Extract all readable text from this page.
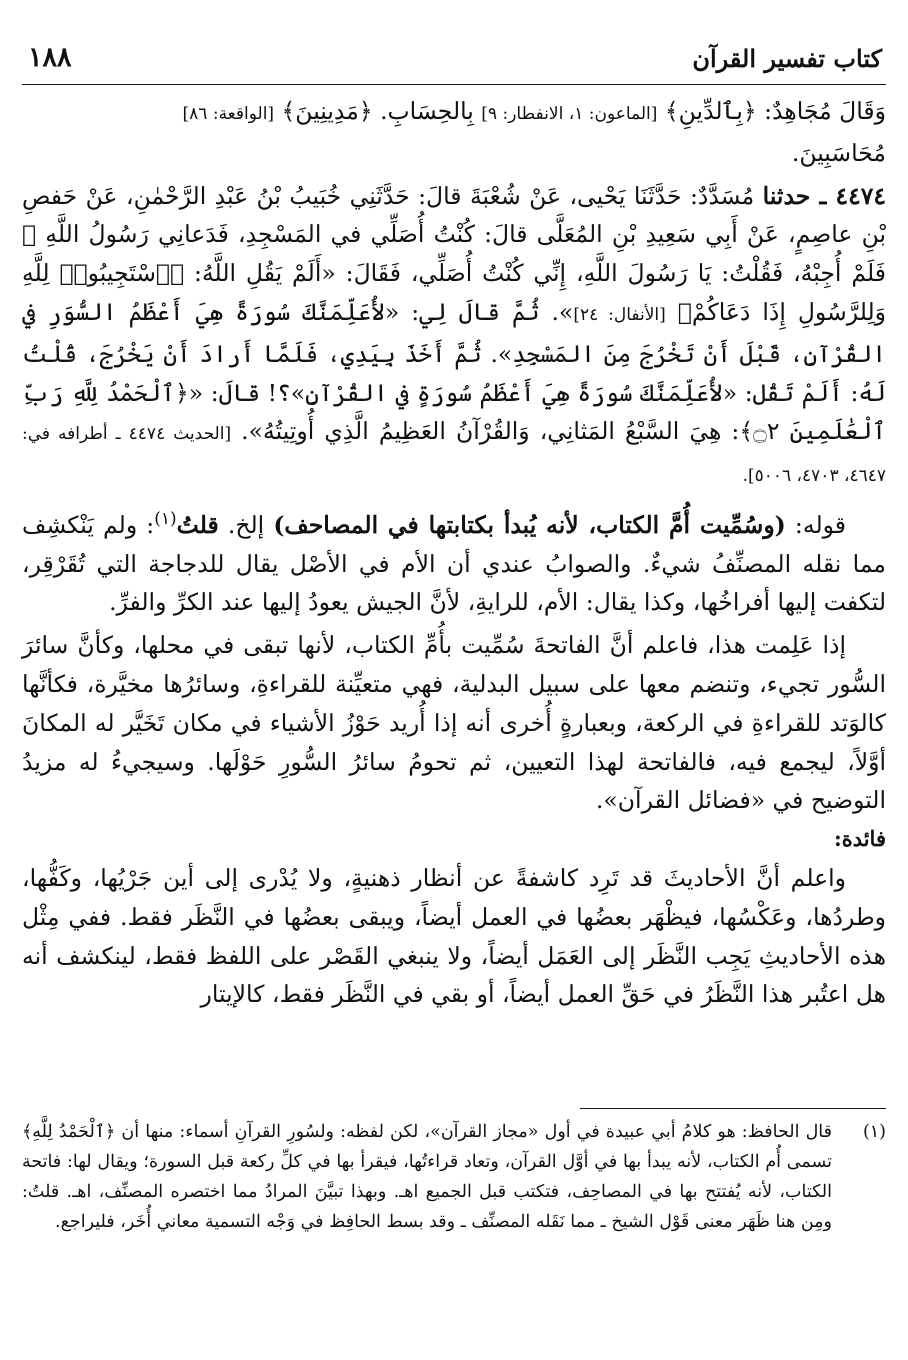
كتاب تفسير القرآن
١٨٨

وَقَالَ مُجَاهِدٌ: ﴿بِٱلدِّينِ﴾ [الماعون: ١، الانفطار: ٩] بِالحِسَابِ. ﴿مَدِينِينَ﴾ [الواقعة: ٨٦]
مُحَاسَبِينَ.

٤٤٧٤ ـ حدثنا مُسَدَّدٌ: حَدَّثَنَا يَحْيى، عَنْ شُعْبَةَ قالَ: حَدَّثَنِي خُبَيبُ بْنُ عَبْدِ الرَّحْمٰنِ، عَنْ حَفصِ بْنِ عاصِمٍ، عَنْ أَبِي سَعِيدِ بْنِ المُعَلَّى قالَ: كُنْتُ أُصَلِّي في المَسْجِدِ، فَدَعانِي رَسُولُ اللَّهِ ﷺ فَلَمْ أُجِبْهُ، فَقُلْتُ: يَا رَسُولَ اللَّهِ، إِنِّي كُنْتُ أُصَلِّي، فَقَالَ: «أَلَمْ يَقُلِ اللَّهُ: ﴿ٱسْتَجِيبُوا۟ لِلَّهِ وَلِلرَّسُولِ إِذَا دَعَاكُمْ﴾ [الأنفال: ٢٤]». ثُمَّ قالَ لِي: «لأُعَلِّمَنَّكَ سُورَةً هِيَ أَعْظَمُ السُّوَرِ في القُرْآنِ، قَبْلَ أَنْ تَخْرُجَ مِنَ المَسْجِدِ». ثُمَّ أَخَذَ بِيَدِي، فَلَمَّا أَرادَ أَنْ يَخْرُجَ، قُلْتُ لَهُ: أَلَمْ تَقُل: «لأُعَلِّمَنَّكَ سُورَةً هِيَ أَعْظَمُ سُورَةٍ في القُرْآنِ»؟! قالَ: «﴿ٱلْحَمْدُ لِلَّهِ رَبِّ ٱلْعَٰلَمِينَ ۝٢﴾: هِيَ السَّبْعُ المَثانِي، وَالقُرْآنُ العَظِيمُ الَّذِي أُوتِيتُهُ». [الحديث ٤٤٧٤ ـ أطرافه في: ٤٦٤٧، ٤٧٠٣، ٥٠٠٦].

قوله: (وسُمِّيت أُمَّ الكتاب، لأنه يُبدأ بكتابتها في المصاحف) إلخ. قلتُ$^{(١)}$: ولم يَنْكشِف مما نقله المصنِّفُ شيءٌ. والصوابُ عندي أن الأم في الأصْل يقال للدجاجة التي تُقَرْقِر، لتكفت إليها أفراخُها، وكذا يقال: الأم، للرايةِ، لأنَّ الجيش يعودُ إليها عند الكرِّ والفرِّ.

إذا عَلِمت هذا، فاعلم أنَّ الفاتحةَ سُمِّيت بأُمِّ الكتاب، لأنها تبقى في محلها، وكأنَّ سائرَ السُّور تجيء، وتنضم معها على سبيل البدلية، فهي متعيِّنة للقراءةِ، وسائرُها مخيَّرة، فكأنَّها كالوَتد للقراءةِ في الركعة، وبعبارةٍ أُخرى أنه إذا أُريد حَوْزُ الأشياء في مكان تَخَيَّر له المكانَ أوَّلاً، ليجمع فيه، فالفاتحة لهذا التعيين، ثم تحومُ سائرُ السُّورِ حَوْلَها. وسيجيءُ له مزيدُ التوضيح في «فضائل القرآن».

فائدة:

واعلم أنَّ الأحاديثَ قد تَرِد كاشفةً عن أنظار ذهنيةٍ، ولا يُدْرى إلى أين جَرْيُها، وكَفُّها، وطردُها، وعَكْسُها، فيظْهَر بعضُها في العمل أيضاً، ويبقى بعضُها في النَّظَر فقط. ففي مِثْل هذه الأحاديثِ يَجِب النَّظَر إلى العَمَل أيضاً، ولا ينبغي القَصْر على اللفظ فقط، لينكشف أنه هل اعتُبر هذا النَّظَرُ في حَقِّ العمل أيضاً، أو بقي في النَّظَر فقط، كالإيتار

(١)
قال الحافظ: هو كلامُ أبي عبيدة في أول «مجاز القرآن»، لكن لفظه: ولسُورِ القرآنِ أسماء: منها أن ﴿ٱلْحَمْدُ لِلَّهِ﴾ تسمى أُم الكتاب، لأنه يبدأ بها في أوَّل القرآن، وتعاد قراءتُها، فيقرأ بها في كلِّ ركعة قبل السورة؛ ويقال لها: فاتحة الكتاب، لأنه يُفتتح بها في المصاحِف، فتكتب قبل الجميع اهـ. وبهذا تبيَّنَ المرادُ مما اختصره المصنِّف، اهـ. قلتُ: ومِن هنا ظَهَر معنى قَوْل الشيخ ـ مما نَقَله المصنِّف ـ وقد بسط الحافِظ في وَجْه التسمية معاني أُخَر، فليراجع.
